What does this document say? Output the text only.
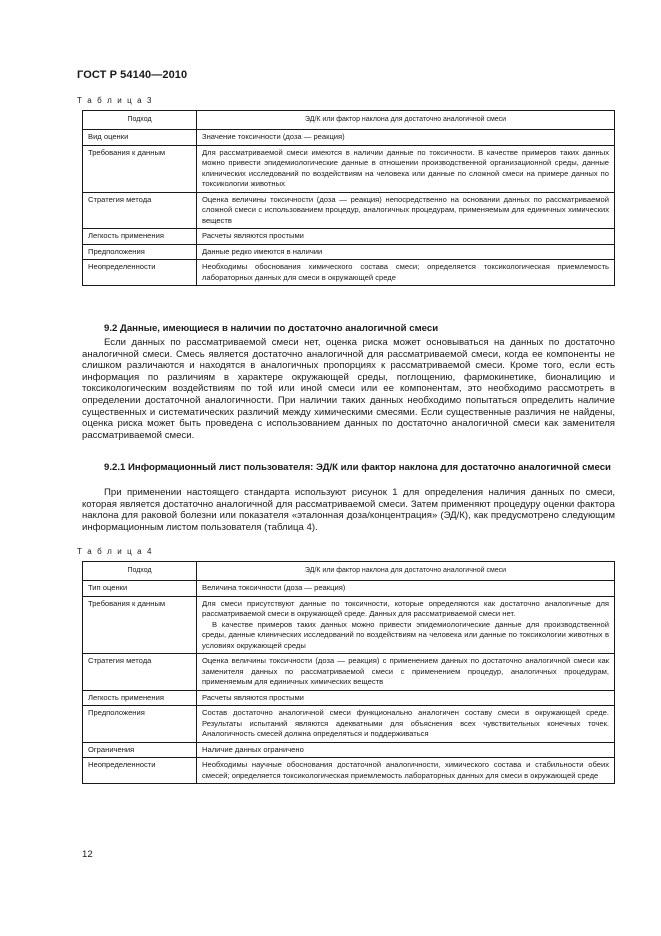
ГОСТ Р 54140—2010
Т а б л и ц а 3
Подход	ЭД/К или фактор наклона для достаточно аналогичной смеси
Вид оценки	Значение токсичности (доза — реакция)
Требования к данным	Для рассматриваемой смеси имеются в наличии данные по токсичности. В качестве примеров таких данных можно привести эпидемиологические данные в отношении производственной организационной среды, данные клинических исследований по воздействиям на человека или данные по сложной смеси на примере данных по токсикологии животных
Стратегия метода	Оценка величины токсичности (доза — реакция) непосредственно на основании данных по рассматриваемой сложной смеси с использованием процедур, аналогичных процедурам, применяемым для единичных химических веществ
Легкость применения	Расчеты являются простыми
Предположения	Данные редко имеются в наличии
Неопределенности	Необходимы обоснования химического состава смеси; определяется токсикологическая приемлемость лабораторных данных для смеси в окружающей среде
9.2 Данные, имеющиеся в наличии по достаточно аналогичной смеси

Если данных по рассматриваемой смеси нет, оценка риска может основываться на данных по достаточно аналогичной смеси. Смесь является достаточно аналогичной для рассматриваемой смеси, когда ее компоненты не слишком различаются и находятся в аналогичных пропорциях к рассматриваемой смеси. Кроме того, если есть информация по различиям в характере окружающей среды, поглощению, фармокинетике, бионалицию и токсикологическим воздействиям по той или иной смеси или ее компонентам, это необходимо рассмотреть в определении достаточной аналогичности. При наличии таких данных необходимо попытаться определить наличие существенных и систематических различий между химическими смесями. Если существенные различия не найдены, оценка риска может быть проведена с использованием данных по достаточно аналогичной смеси как заменителя рассматриваемой смеси.

9.2.1 Информационный лист пользователя: ЭД/К или фактор наклона для достаточно аналогичной смеси

При применении настоящего стандарта используют рисунок 1 для определения наличия данных по смеси, которая является достаточно аналогичной для рассматриваемой смеси. Затем применяют процедуру оценки фактора наклона для раковой болезни или показателя «эталонная доза/концентрация» (ЭД/К), как предусмотрено следующим информационным листом пользователя (таблица 4).

Т а б л и ц а 4
Подход	ЭД/К или фактор наклона для достаточно аналогичной смеси
Тип оценки	Величина токсичности (доза — реакция)
Требования к данным	Для смеси присутствуют данные по токсичности, которые определяются как достаточно аналогичные для рассматриваемой смеси в окружающей среде. Данных для рассматриваемой смеси нет.
В качестве примеров таких данных можно привести эпидемиологические данные для производственной среды, данные клинических исследований по воздействиям на человека или данные по токсикологии животных в условиях окружающей среды

Стратегия метода	Оценка величины токсичности (доза — реакция) с применением данных по достаточно аналогичной смеси как заменителя данных по рассматриваемой смеси с применением процедур, аналогичных процедурам, применяемым для единичных химических веществ
Легкость применения	Расчеты являются простыми
Предположения	Состав достаточно аналогичной смеси функционально аналогичен составу смеси в окружающей среде. Результаты испытаний являются адекватными для объяснения всех чувствительных конечных точек. Аналогичность смесей должна определяться и поддерживаться
Ограничения	Наличие данных ограничено
Неопределенности	Необходимы научные обоснования достаточной аналогичности, химического состава и стабильности обеих смесей; определяется токсикологическая приемлемость лабораторных данных для смеси в окружающей среде
12
